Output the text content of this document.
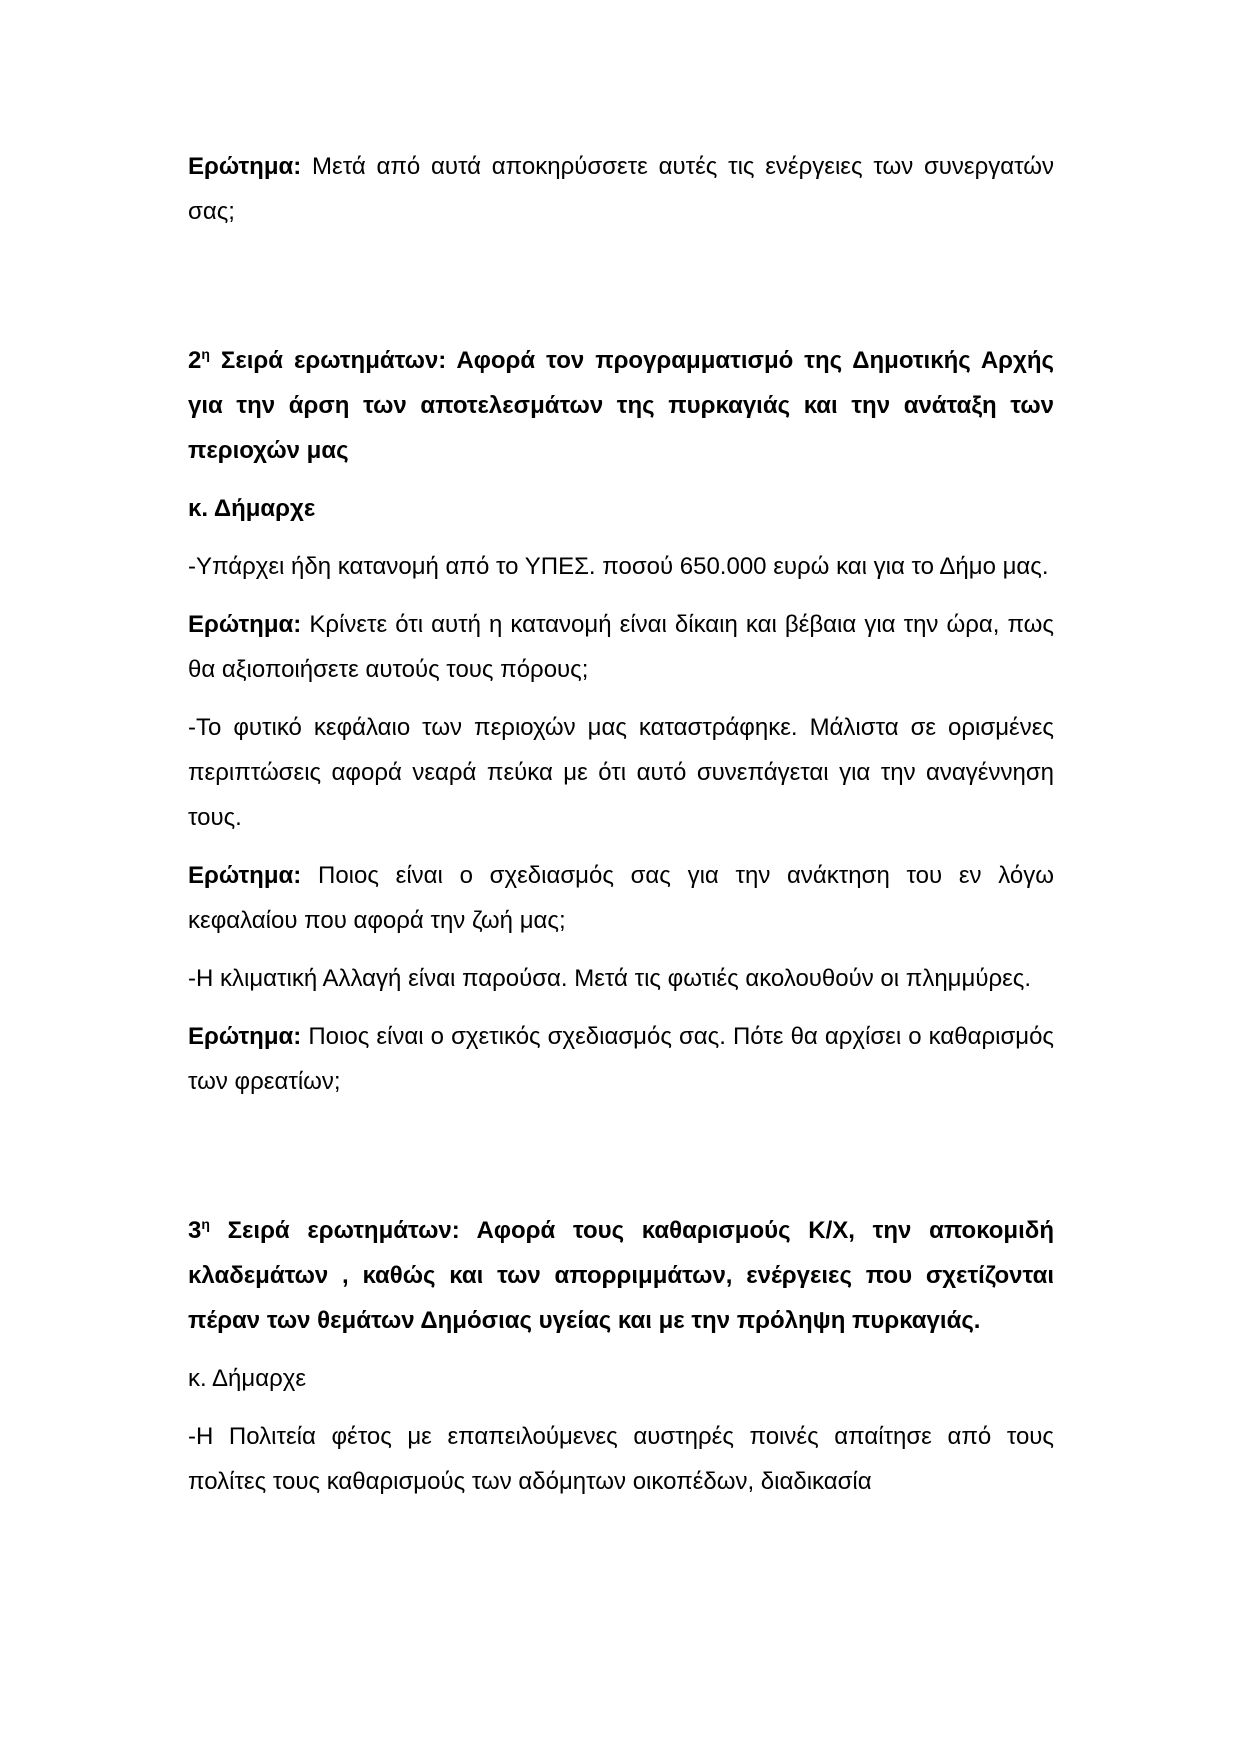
Ερώτημα: Μετά από αυτά αποκηρύσσετε αυτές τις ενέργειες των συνεργατών σας;

$2^\eta$ Σειρά ερωτημάτων: Αφορά τον προγραμματισμό της Δημοτικής Αρχής για την άρση των αποτελεσμάτων της πυρκαγιάς και την ανάταξη των περιοχών μας

κ. Δήμαρχε

-Υπάρχει ήδη κατανομή από το ΥΠΕΣ. ποσού 650.000 ευρώ και για το Δήμο μας.

Ερώτημα: Κρίνετε ότι αυτή η κατανομή είναι δίκαιη και βέβαια για την ώρα, πως θα αξιοποιήσετε αυτούς τους πόρους;

-Το φυτικό κεφάλαιο των περιοχών μας καταστράφηκε. Μάλιστα σε ορισμένες περιπτώσεις αφορά νεαρά πεύκα με ότι αυτό συνεπάγεται για την αναγέννηση τους.

Ερώτημα: Ποιος είναι ο σχεδιασμός σας για την ανάκτηση του εν λόγω κεφαλαίου που αφορά την ζωή μας;

-Η κλιματική Αλλαγή είναι παρούσα. Μετά τις φωτιές ακολουθούν οι πλημμύρες.

Ερώτημα: Ποιος είναι ο σχετικός σχεδιασμός σας. Πότε θα αρχίσει ο καθαρισμός των φρεατίων;

$3^\eta$ Σειρά ερωτημάτων: Αφορά τους καθαρισμούς Κ/Χ, την αποκομιδή κλαδεμάτων , καθώς και των απορριμμάτων, ενέργειες που σχετίζονται πέραν των θεμάτων Δημόσιας υγείας και με την πρόληψη πυρκαγιάς.

κ. Δήμαρχε

-Η Πολιτεία φέτος με επαπειλούμενες αυστηρές ποινές απαίτησε από τους πολίτες τους καθαρισμούς των αδόμητων οικοπέδων, διαδικασία
